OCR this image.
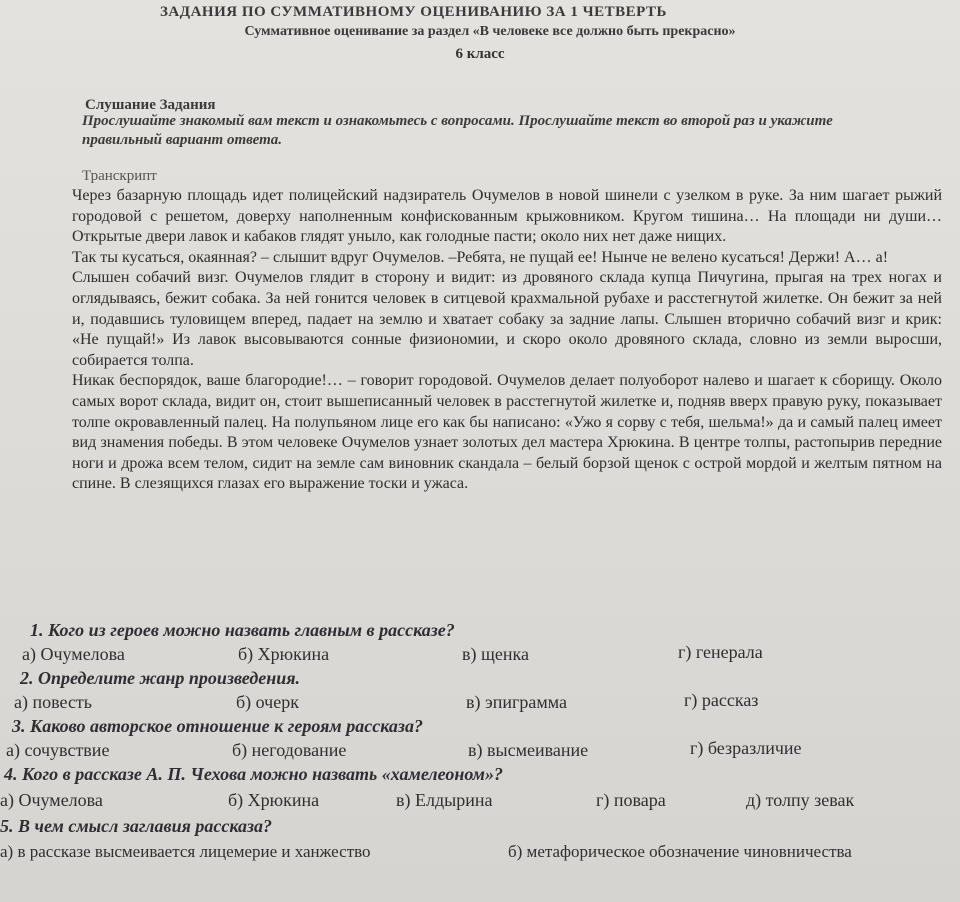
ЗАДАНИЯ ПО СУММАТИВНОМУ ОЦЕНИВАНИЮ ЗА 1 ЧЕТВЕРТЬ
Суммативное оценивание за раздел «В человеке все должно быть прекрасно»
6 класс
Слушание Задания
Прослушайте знакомый вам текст и ознакомьтесь с вопросами. Прослушайте текст во второй раз и укажите правильный вариант ответа.
Транскрипт

Через базарную площадь идет полицейский надзиратель Очумелов в новой шинели с узелком в руке. За ним шагает рыжий городовой с решетом, доверху наполненным конфискованным крыжовником. Кругом тишина… На площади ни души… Открытые двери лавок и кабаков глядят уныло, как голодные пасти; около них нет даже нищих.

Так ты кусаться, окаянная? – слышит вдруг Очумелов. –Ребята, не пущай ее! Нынче не велено кусаться! Держи! А… а!

Слышен собачий визг. Очумелов глядит в сторону и видит: из дровяного склада купца Пичугина, прыгая на трех ногах и оглядываясь, бежит собака. За ней гонится человек в ситцевой крахмальной рубахе и расстегнутой жилетке. Он бежит за ней и, подавшись туловищем вперед, падает на землю и хватает собаку за задние лапы. Слышен вторично собачий визг и крик: «Не пущай!» Из лавок высовываются сонные физиономии, и скоро около дровяного склада, словно из земли выросши, собирается толпа.

Никак беспорядок, ваше благородие!… – говорит городовой. Очумелов делает полуоборот налево и шагает к сборищу. Около самых ворот склада, видит он, стоит вышеписанный человек в расстегнутой жилетке и, подняв вверх правую руку, показывает толпе окровавленный палец. На полупьяном лице его как бы написано: «Ужо я сорву с тебя, шельма!» да и самый палец имеет вид знамения победы. В этом человеке Очумелов узнает золотых дел мастера Хрюкина. В центре толпы, растопырив передние ноги и дрожа всем телом, сидит на земле сам виновник скандала – белый борзой щенок с острой мордой и желтым пятном на спине. В слезящихся глазах его выражение тоски и ужаса.

1. Кого из героев можно назвать главным в рассказе?
а) Очумелова	б) Хрюкина	в) щенка	г) генерала
2. Определите жанр произведения.
а) повесть	б) очерк	в) эпиграмма	г) рассказ
3. Каково авторское отношение к героям рассказа?
а) сочувствие	б) негодование	в) высмеивание	г) безразличие
4. Кого в рассказе А. П. Чехова можно назвать «хамелеоном»?
а) Очумелова	б) Хрюкина	в) Елдырина	г) повара	д) толпу зевак
5. В чем смысл заглавия рассказа?
а) в рассказе высмеивается лицемерие и ханжество	б) метафорическое обозначение чиновничества
